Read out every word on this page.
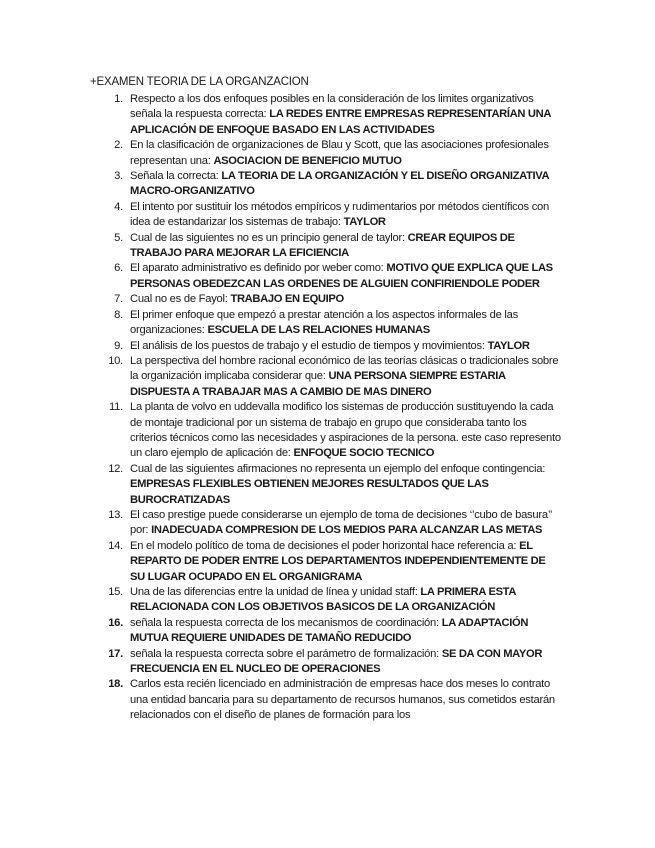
+EXAMEN TEORIA DE LA ORGANZACION
1. Respecto a los dos enfoques posibles en la consideración de los limites organizativos señala la respuesta correcta: LA REDES ENTRE EMPRESAS REPRESENTARÍAN UNA APLICACIÓN DE ENFOQUE BASADO EN LAS ACTIVIDADES
2. En la clasificación de organizaciones de Blau y Scott, que las asociaciones profesionales representan una: ASOCIACION DE BENEFICIO MUTUO
3. Señala la correcta: LA TEORIA DE LA ORGANIZACIÓN Y EL DISEÑO ORGANIZATIVA MACRO-ORGANIZATIVO
4. El intento por sustituir los métodos empíricos y rudimentarios por métodos científicos con idea de estandarizar los sistemas de trabajo: TAYLOR
5. Cual de las siguientes no es un principio general de taylor: CREAR EQUIPOS DE TRABAJO PARA MEJORAR LA EFICIENCIA
6. El aparato administrativo es definido por weber como: MOTIVO QUE EXPLICA QUE LAS PERSONAS OBEDEZCAN LAS ORDENES DE ALGUIEN CONFIRIENDOLE PODER
7. Cual no es de Fayol: TRABAJO EN EQUIPO
8. El primer enfoque que empezó a prestar atención a los aspectos informales de las organizaciones: ESCUELA DE LAS RELACIONES HUMANAS
9. El análisis de los puestos de trabajo y el estudio de tiempos y movimientos: TAYLOR
10. La perspectiva del hombre racional económico de las teorías clásicas o tradicionales sobre la organización implicaba considerar que: UNA PERSONA SIEMPRE ESTARIA DISPUESTA A TRABAJAR MAS A CAMBIO DE MAS DINERO
11. La planta de volvo en uddevalla modifico los sistemas de producción sustituyendo la cada de montaje tradicional por un sistema de trabajo en grupo que consideraba tanto los criterios técnicos como las necesidades y aspiraciones de la persona. este caso represento un claro ejemplo de aplicación de: ENFOQUE SOCIO TECNICO
12. Cual de las siguientes afirmaciones no representa un ejemplo del enfoque contingencia: EMPRESAS FLEXIBLES OBTIENEN MEJORES RESULTADOS QUE LAS BUROCRATIZADAS
13. El caso prestige puede considerarse un ejemplo de toma de decisiones ‘’cubo de basura’’ por: INADECUADA COMPRESION DE LOS MEDIOS PARA ALCANZAR LAS METAS
14. En el modelo político de toma de decisiones el poder horizontal hace referencia a: EL REPARTO DE PODER ENTRE LOS DEPARTAMENTOS INDEPENDIENTEMENTE DE SU LUGAR OCUPADO EN EL ORGANIGRAMA
15. Una de las diferencias entre la unidad de línea y unidad staff: LA PRIMERA ESTA RELACIONADA CON LOS OBJETIVOS BASICOS DE LA ORGANIZACIÓN
16. señala la respuesta correcta de los mecanismos de coordinación: LA ADAPTACIÓN MUTUA REQUIERE UNIDADES DE TAMAÑO REDUCIDO
17. señala la respuesta correcta sobre el parámetro de formalización: SE DA CON MAYOR FRECUENCIA EN EL NUCLEO DE OPERACIONES
18. Carlos esta recién licenciado en administración de empresas hace dos meses lo contrato una entidad bancaria para su departamento de recursos humanos, sus cometidos estarán relacionados con el diseño de planes de formación para los
